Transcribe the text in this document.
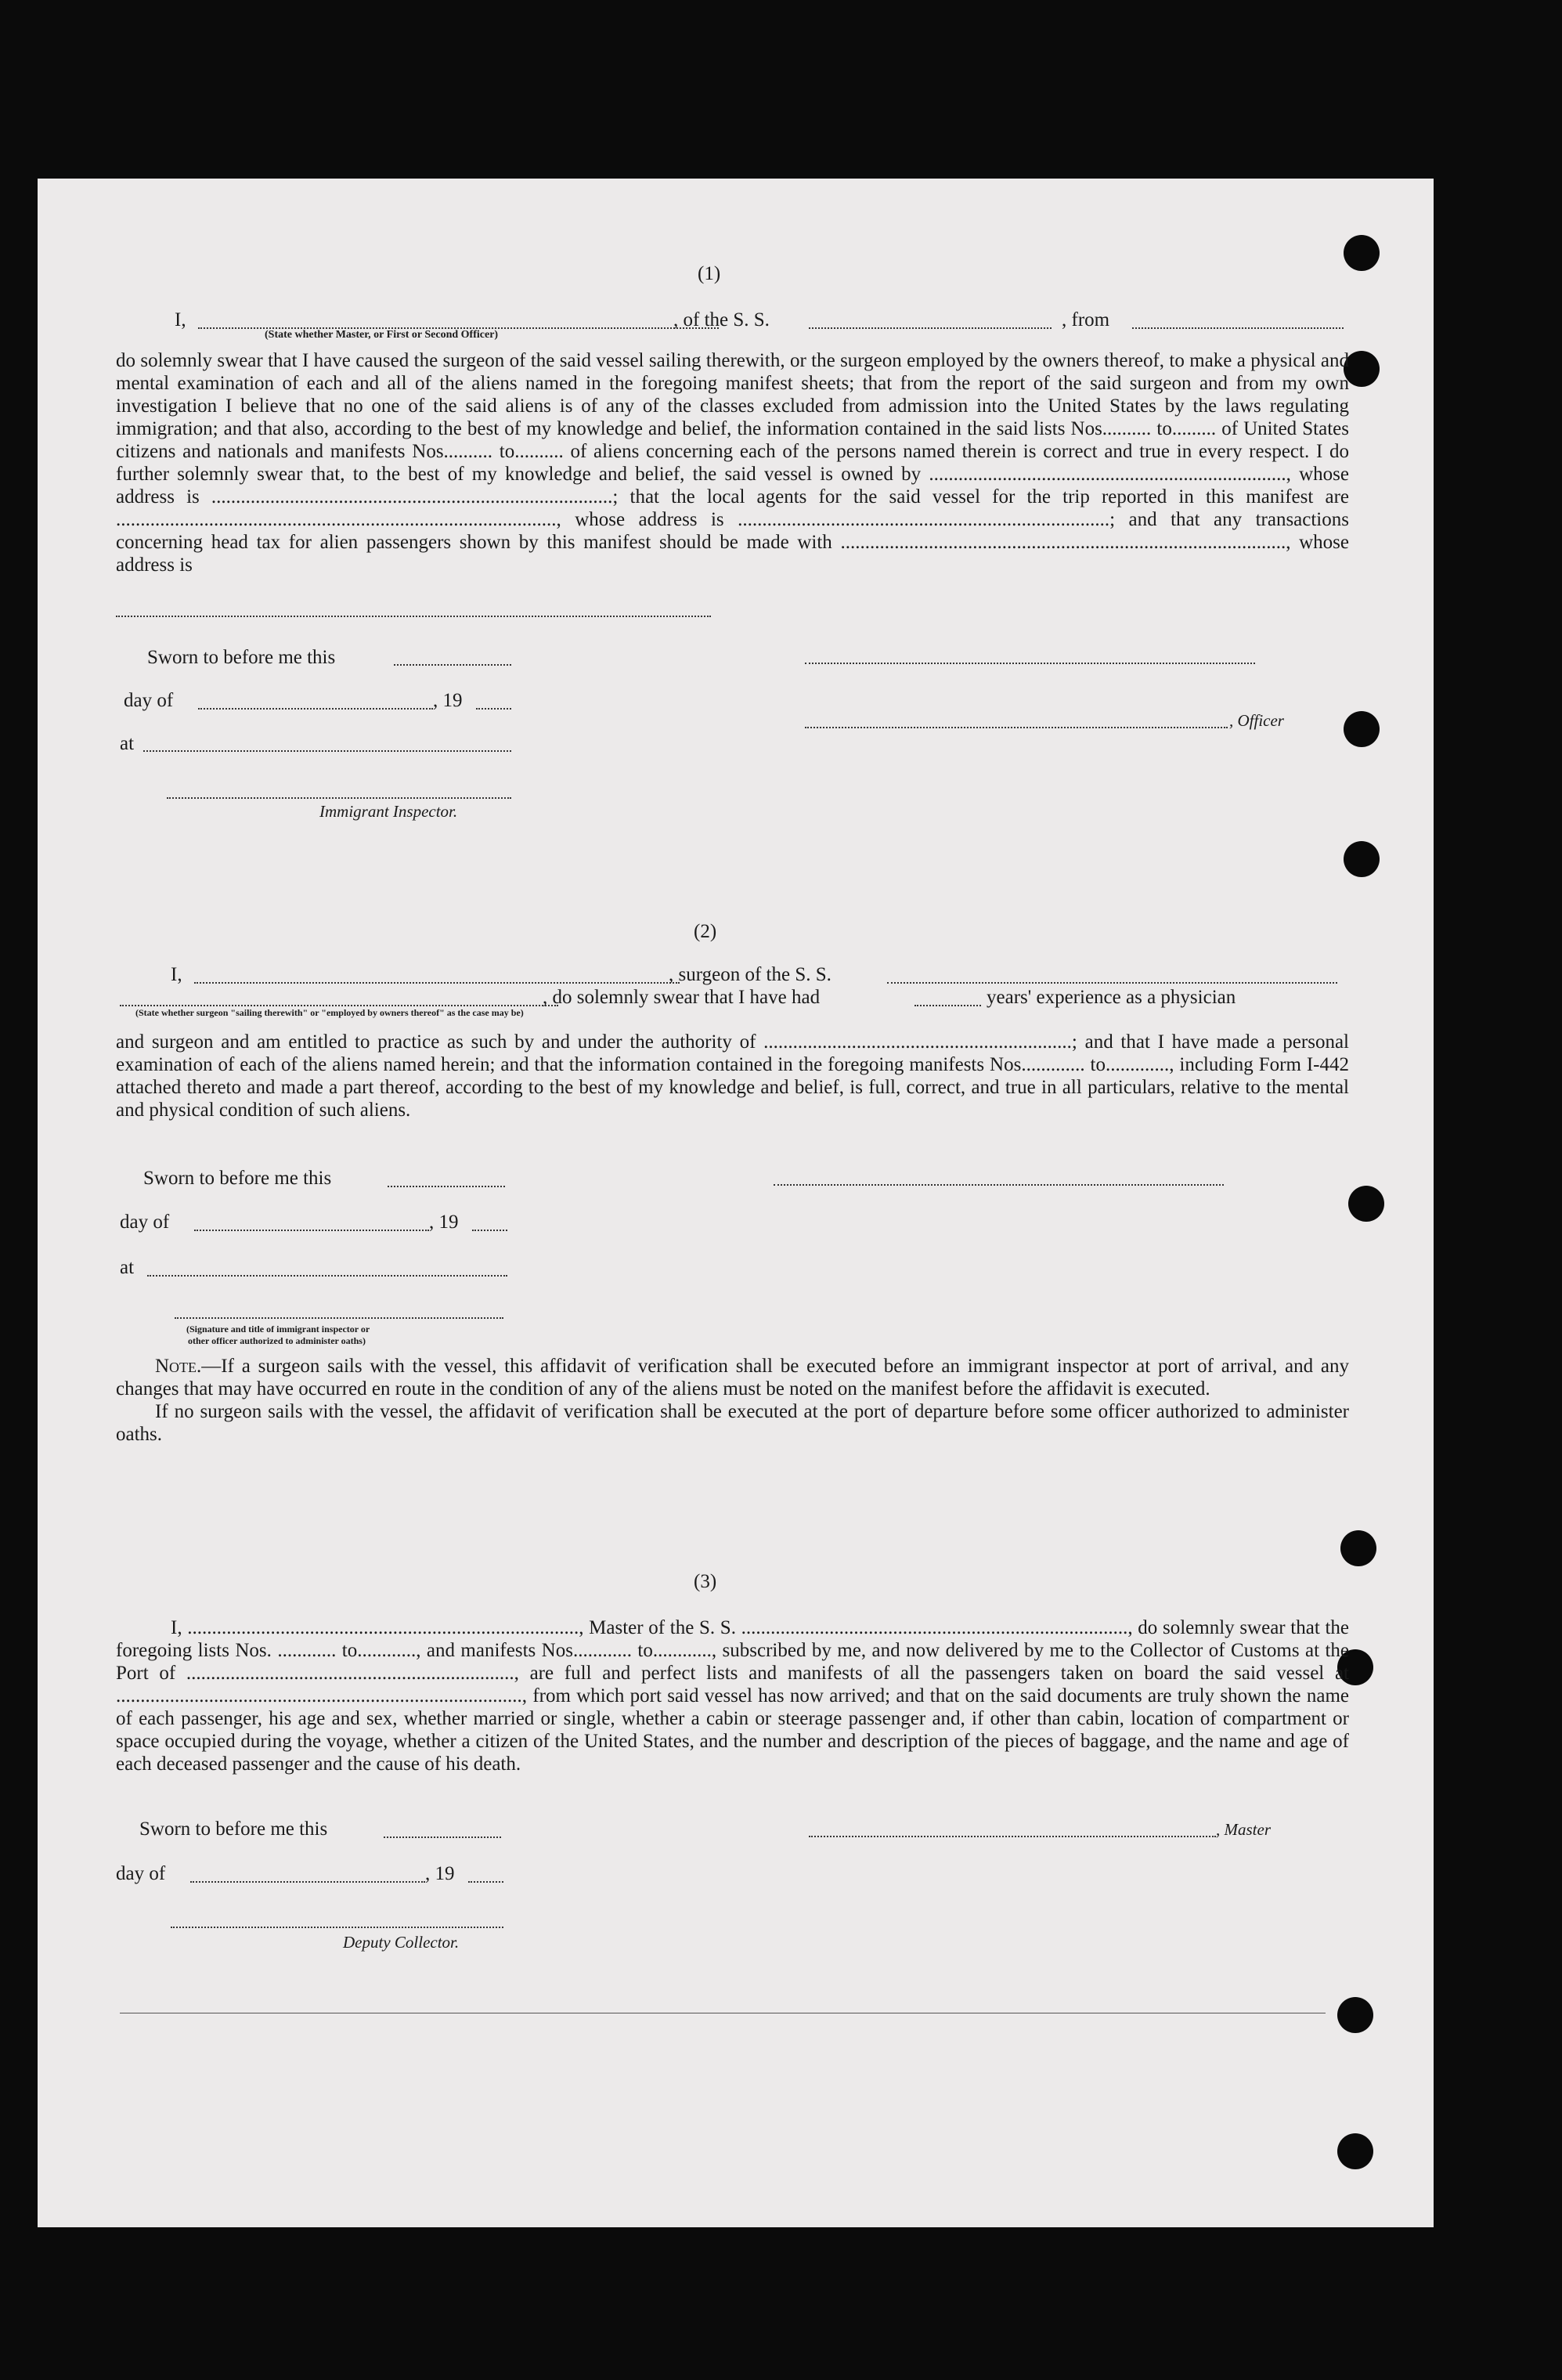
(1)
I,	, of the S. S.	, from
(State whether Master, or First or Second Officer)

do solemnly swear that I have caused the surgeon of the said vessel sailing therewith, or the surgeon employed by the owners thereof, to make a physical and mental examination of each and all of the aliens named in the foregoing manifest sheets; that from the report of the said surgeon and from my own investigation I believe that no one of the said aliens is of any of the classes excluded from admission into the United States by the laws regulating immigration; and that also, according to the best of my knowledge and belief, the information contained in the said lists Nos.......... to......... of United States citizens and nationals and manifests Nos.......... to.......... of aliens concerning each of the persons named therein is correct and true in every respect. I do further solemnly swear that, to the best of my knowledge and belief, the said vessel is owned by ........................................................................., whose address is ..................................................................................; that the local agents for the said vessel for the trip reported in this manifest are .........................................................................................., whose address is ............................................................................; and that any transactions concerning head tax for alien passengers shown by this manifest should be made with ..........................................................................................., whose address is

Sworn to before me this
day of	, 19
, Officer
at
Immigrant Inspector.
(2)
I,	, surgeon of the S. S.
, do solemnly swear that I have had	years' experience as a physician
(State whether surgeon "sailing therewith" or "employed by owners thereof" as the case may be)

and surgeon and am entitled to practice as such by and under the authority of ...............................................................; and that I have made a personal examination of each of the aliens named herein; and that the information contained in the foregoing manifests Nos............. to............., including Form I-442 attached thereto and made a part thereof, according to the best of my knowledge and belief, is full, correct, and true in all particulars, relative to the mental and physical condition of such aliens.

Sworn to before me this
day of	, 19
at
(Signature and title of immigrant inspector or
other officer authorized to administer oaths)

Note.—If a surgeon sails with the vessel, this affidavit of verification shall be executed before an immigrant inspector at port of arrival, and any changes that may have occurred en route in the condition of any of the aliens must be noted on the manifest before the affidavit is executed.

If no surgeon sails with the vessel, the affidavit of verification shall be executed at the port of departure before some officer authorized to administer oaths.

(3)

I, ................................................................................, Master of the S. S. ..............................................................................., do solemnly swear that the foregoing lists Nos. ............ to............, and manifests Nos............ to............, subscribed by me, and now delivered by me to the Collector of Customs at the Port of ..................................................................., are full and perfect lists and manifests of all the passengers taken on board the said vessel at ..................................................................................., from which port said vessel has now arrived; and that on the said documents are truly shown the name of each passenger, his age and sex, whether married or single, whether a cabin or steerage passenger and, if other than cabin, location of compartment or space occupied during the voyage, whether a citizen of the United States, and the number and description of the pieces of baggage, and the name and age of each deceased passenger and the cause of his death.

Sworn to before me this	, Master
day of	, 19
Deputy Collector.
